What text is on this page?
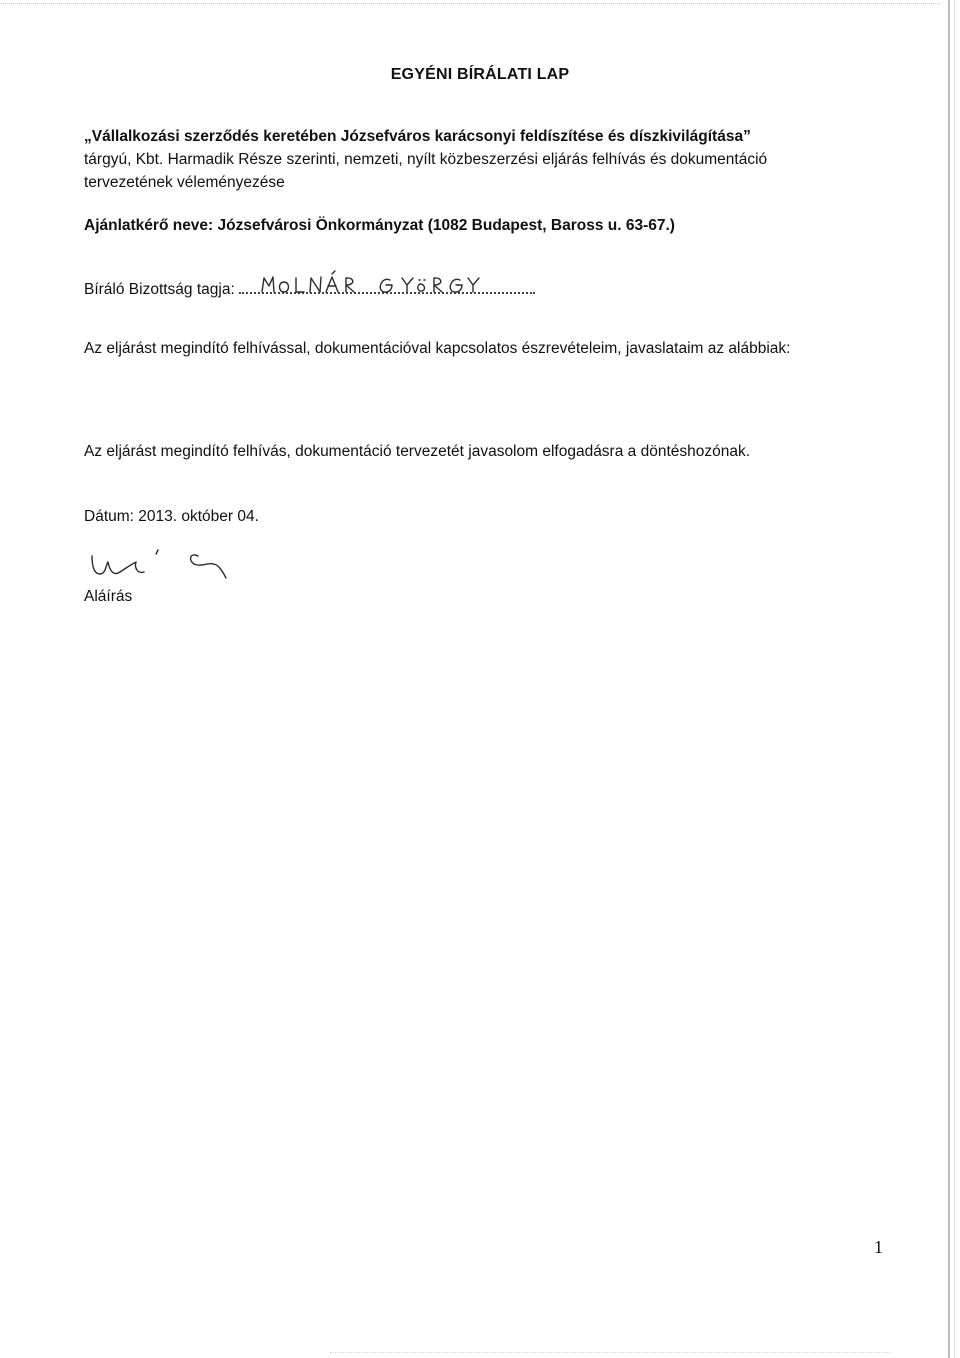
EGYÉNI BÍRÁLATI LAP
„Vállalkozási szerződés keretében Józsefváros karácsonyi feldíszítése és díszkivilágítása”
tárgyú, Kbt. Harmadik Része szerinti, nemzeti, nyílt közbeszerzési eljárás felhívás és dokumentáció
tervezetének véleményezése
Ajánlatkérő neve: Józsefvárosi Önkormányzat (1082 Budapest, Baross u. 63-67.)
Bíráló Bizottság tagja:
Az eljárást megindító felhívással, dokumentációval kapcsolatos észrevételeim, javaslataim az alábbiak:
Az eljárást megindító felhívás, dokumentáció tervezetét javasolom elfogadásra a döntéshozónak.
Dátum: 2013. október 04.
Aláírás
1
